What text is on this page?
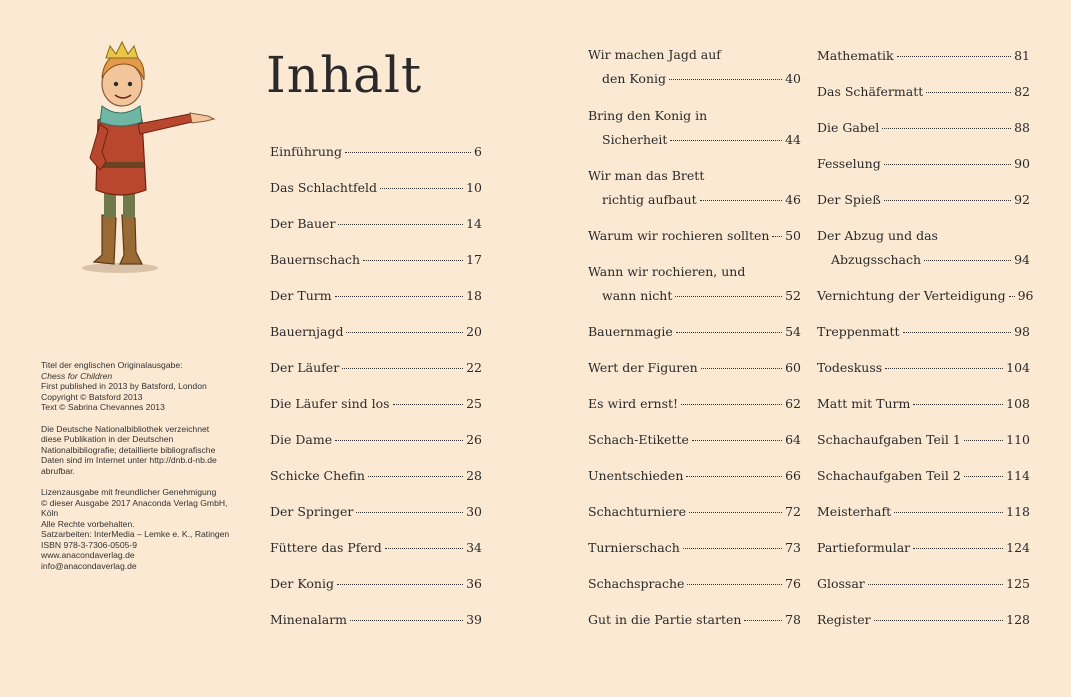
Titel der englischen Originalausgabe:
Chess for Children
First published in 2013 by Batsford, London
Copyright © Batsford 2013
Text © Sabrina Chevannes 2013

Die Deutsche Nationalbibliothek verzeichnet
diese Publikation in der Deutschen
Nationalbibliografie; detaillierte bibliografische
Daten sind im Internet unter http://dnb.d-nb.de
abrufbar.

Lizenzausgabe mit freundlicher Genehmigung
© dieser Ausgabe 2017 Anaconda Verlag GmbH,
Köln
Alle Rechte vorbehalten.
Satzarbeiten: InterMedia – Lemke e. K., Ratingen
ISBN 978-3-7306-0505-9
www.anacondaverlag.de
info@anacondaverlag.de

Inhalt
Einführung	6
Das Schlachtfeld	10
Der Bauer	14
Bauernschach	17
Der Turm	18
Bauernjagd	20
Der Läufer	22
Die Läufer sind los	25
Die Dame	26
Schicke Chefin	28
Der Springer	30
Füttere das Pferd	34
Der Konig	36
Minenalarm	39
Wir machen Jagd auf
den Konig	40
Bring den Konig in
Sicherheit	44
Wir man das Brett
richtig aufbaut	46
Warum wir rochieren sollten 50
Wann wir rochieren, und
wann nicht	52
Bauernmagie	54
Wert der Figuren	60
Es wird ernst!	62
Schach-Etikette	64
Unentschieden	66
Schachturniere	72
Turnierschach	73
Schachsprache	76
Gut in die Partie starten	78
Mathematik	81
Das Schäfermatt	82
Die Gabel	88
Fesselung	90
Der Spieß	92
Der Abzug und das
Abzugsschach	94
Vernichtung der Verteidigung 96
Treppenmatt	98
Todeskuss	104
Matt mit Turm	108
Schachaufgaben Teil 1	110
Schachaufgaben Teil 2	114
Meisterhaft	118
Partieformular	124
Glossar	125
Register	128
